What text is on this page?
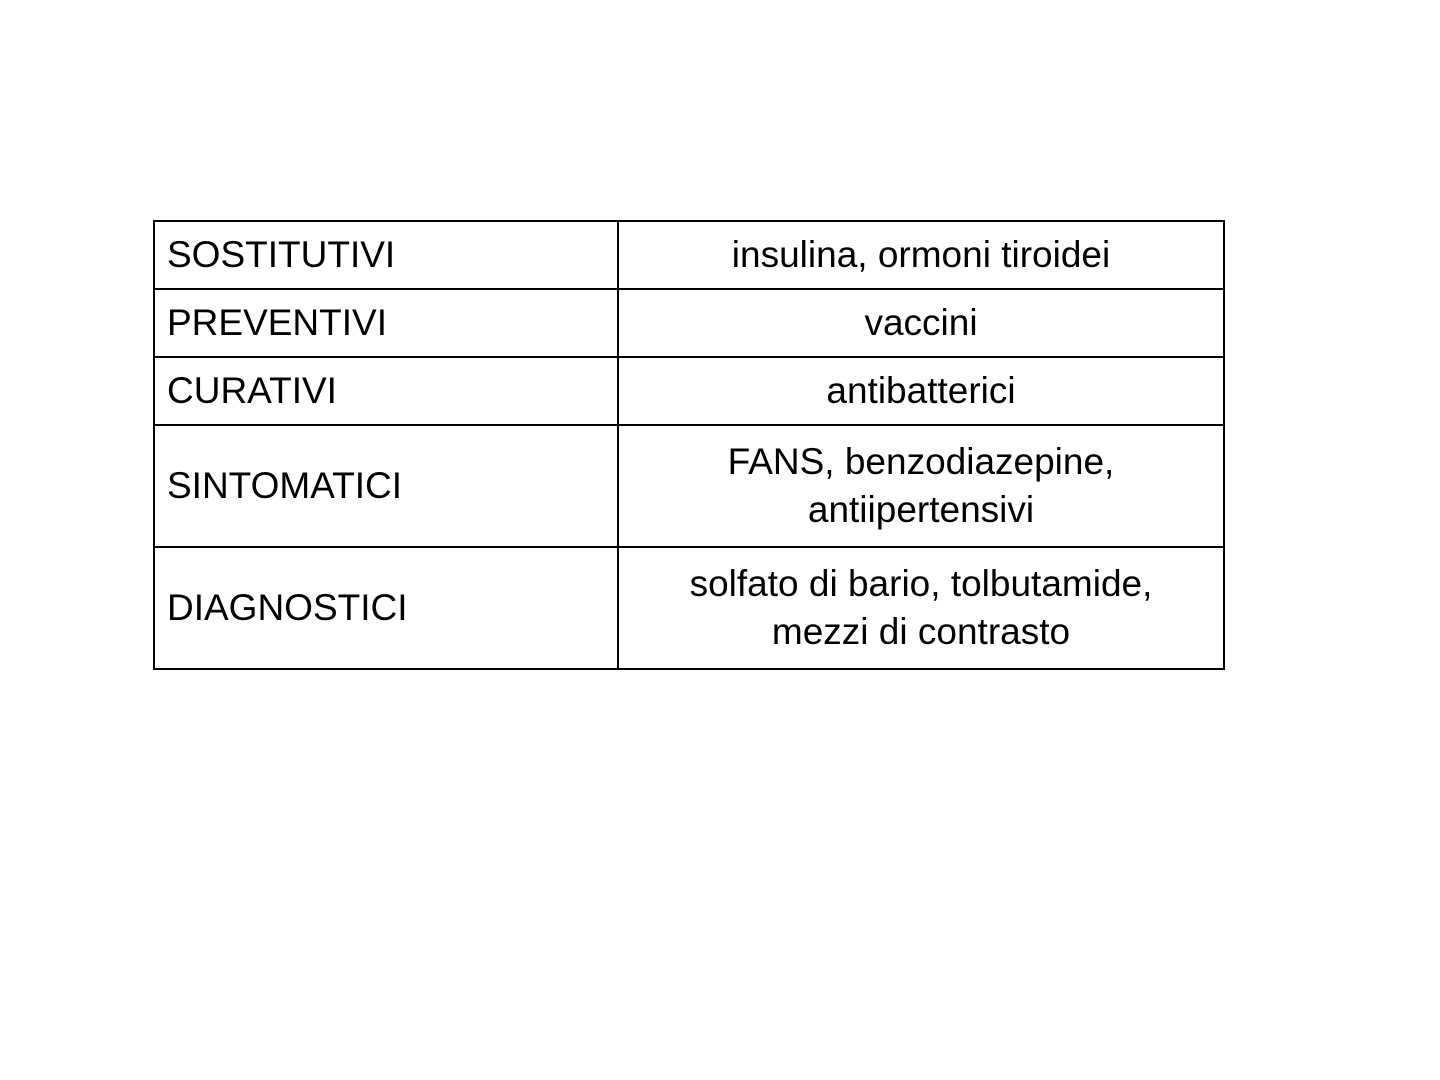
SOSTITUTIVI	insulina, ormoni tiroidei

PREVENTIVI	vaccini

CURATIVI	antibatterici

SINTOMATICI	FANS, benzodiazepine,
antiipertensivi

DIAGNOSTICI	solfato di bario, tolbutamide,
mezzi di contrasto
